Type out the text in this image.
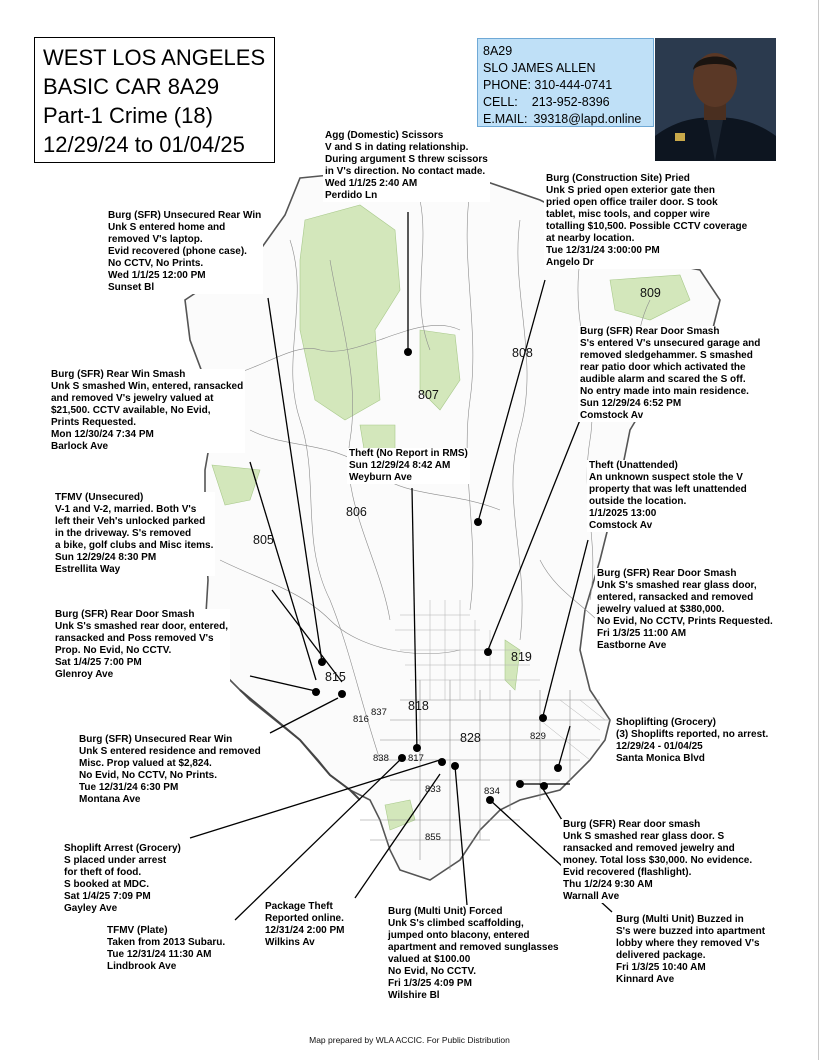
807
808
809
806
805
815
816
837 818
819
829
828
838 817
833	834
855
WEST LOS ANGELES
BASIC CAR 8A29
Part-1 Crime (18)
12/29/24 to 01/04/25
8A29
SLO JAMES ALLEN
PHONE: 310-444-0741
CELL: 213-952-8396
E.MAIL: 39318@lapd.online
Agg (Domestic) Scissors
V and S in dating relationship.
During argument S threw scissors
in V's direction. No contact made.
Wed 1/1/25 2:40 AM
Perdido Ln
Burg (Construction Site) Pried
Unk S pried open exterior gate then
pried open office trailer door. S took
tablet, misc tools, and copper wire
totalling $10,500. Possible CCTV coverage
at nearby location.
Tue 12/31/24 3:00:00 PM
Angelo Dr
Burg (SFR) Unsecured Rear Win
Unk S entered home and
removed V's laptop.
Evid recovered (phone case).
No CCTV, No Prints.
Wed 1/1/25 12:00 PM
Sunset Bl
Burg (SFR) Rear Door Smash
S's entered V's unsecured garage and
removed sledgehammer. S smashed
rear patio door which activated the
audible alarm and scared the S off.
No entry made into main residence.
Sun 12/29/24 6:52 PM
Comstock Av
Burg (SFR) Rear Win Smash
Unk S smashed Win, entered, ransacked
and removed V's jewelry valued at
$21,500. CCTV available, No Evid,
Prints Requested.
Mon 12/30/24 7:34 PM
Barlock Ave
Theft (No Report in RMS)
Sun 12/29/24 8:42 AM
Weyburn Ave
Theft (Unattended)
An unknown suspect stole the V
property that was left unattended
outside the location.
1/1/2025 13:00
Comstock Av
TFMV (Unsecured)
V-1 and V-2, married. Both V's
left their Veh's unlocked parked
in the driveway. S's removed
a bike, golf clubs and Misc items.
Sun 12/29/24 8:30 PM
Estrellita Way	Burg (SFR) Rear Door Smash
Unk S's smashed rear glass door,
entered, ransacked and removed
jewelry valued at $380,000.
No Evid, No CCTV, Prints Requested.
Fri 1/3/25 11:00 AM
Eastborne Ave
Burg (SFR) Rear Door Smash
Unk S's smashed rear door, entered,
ransacked and Poss removed V's
Prop. No Evid, No CCTV.
Sat 1/4/25 7:00 PM
Glenroy Ave
Shoplifting (Grocery)
(3) Shoplifts reported, no arrest.
12/29/24 - 01/04/25
Santa Monica Blvd
Burg (SFR) Unsecured Rear Win
Unk S entered residence and removed
Misc. Prop valued at $2,824.
No Evid, No CCTV, No Prints.
Tue 12/31/24 6:30 PM
Montana Ave
Burg (SFR) Rear door smash
Unk S smashed rear glass door. S
ransacked and removed jewelry and
money. Total loss $30,000. No evidence.
Evid recovered (flashlight).
Thu 1/2/24 9:30 AM
Warnall Ave
Shoplift Arrest (Grocery)
S placed under arrest
for theft of food.
S booked at MDC.
Sat 1/4/25 7:09 PM
Gayley Ave	Package Theft
Reported online.
12/31/24 2:00 PM
Wilkins Av
Burg (Multi Unit) Forced
Unk S's climbed scaffolding,
jumped onto blacony, entered
apartment and removed sunglasses
valued at $100.00
No Evid, No CCTV.
Fri 1/3/25 4:09 PM
Wilshire Bl
TFMV (Plate)
Taken from 2013 Subaru.
Tue 12/31/24 11:30 AM
Lindbrook Ave
Burg (Multi Unit) Buzzed in
S's were buzzed into apartment
lobby where they removed V's
delivered package.
Fri 1/3/25 10:40 AM
Kinnard Ave
Map prepared by WLA ACCIC. For Public Distribution
